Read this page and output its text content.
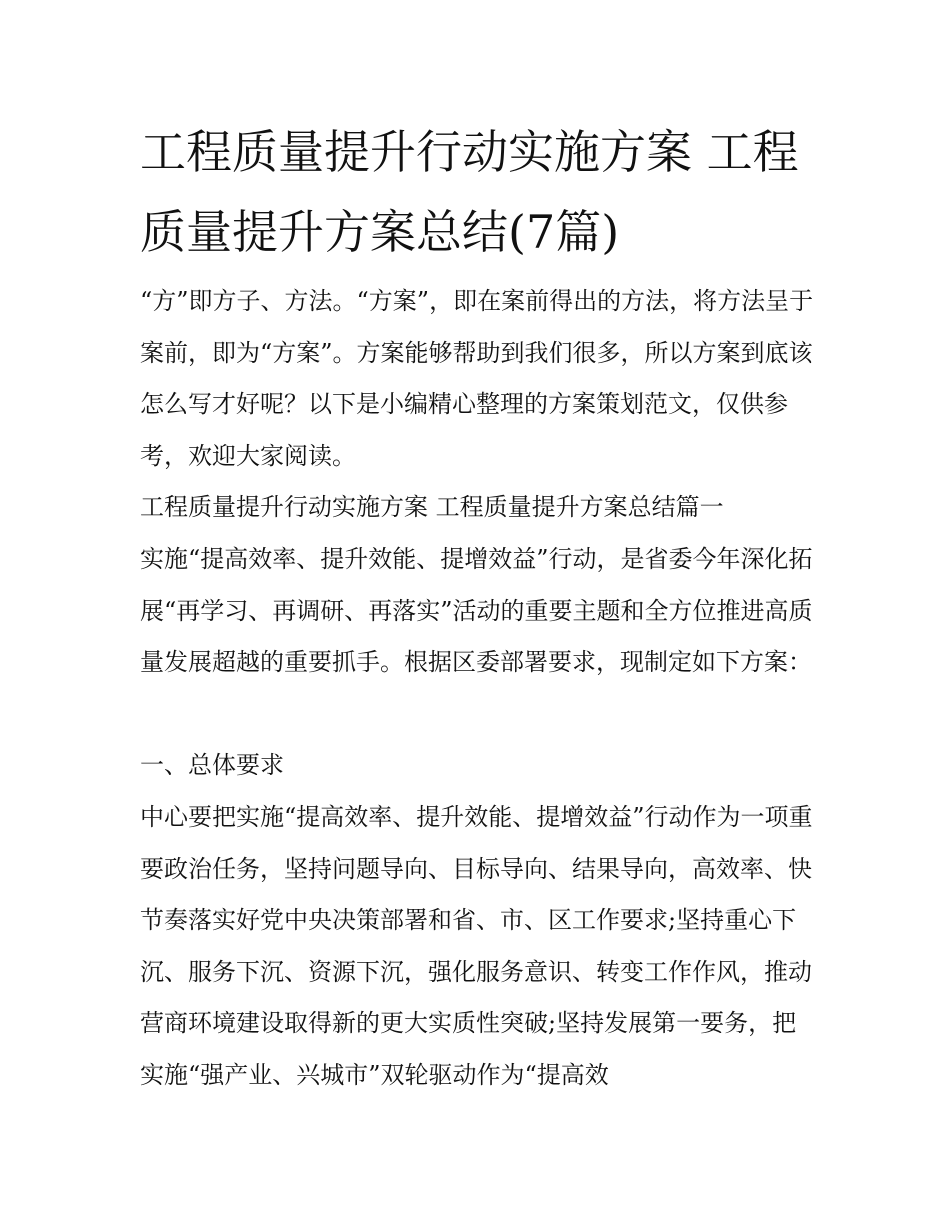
工程质量提升行动实施方案 工程质量提升方案总结(7篇)

“方”即方子、方法。“方案”，即在案前得出的方法，将方法呈于案前，即为“方案”。方案能够帮助到我们很多，所以方案到底该怎么写才好呢？以下是小编精心整理的方案策划范文，仅供参考，欢迎大家阅读。

工程质量提升行动实施方案 工程质量提升方案总结篇一

实施“提高效率、提升效能、提增效益”行动，是省委今年深化拓展“再学习、再调研、再落实”活动的重要主题和全方位推进高质量发展超越的重要抓手。根据区委部署要求，现制定如下方案：

一、总体要求

中心要把实施“提高效率、提升效能、提增效益”行动作为一项重要政治任务，坚持问题导向、目标导向、结果导向，高效率、快节奏落实好党中央决策部署和省、市、区工作要求;坚持重心下沉、服务下沉、资源下沉，强化服务意识、转变工作作风，推动营商环境建设取得新的更大实质性突破;坚持发展第一要务，把实施“强产业、兴城市”双轮驱动作为“提高效
